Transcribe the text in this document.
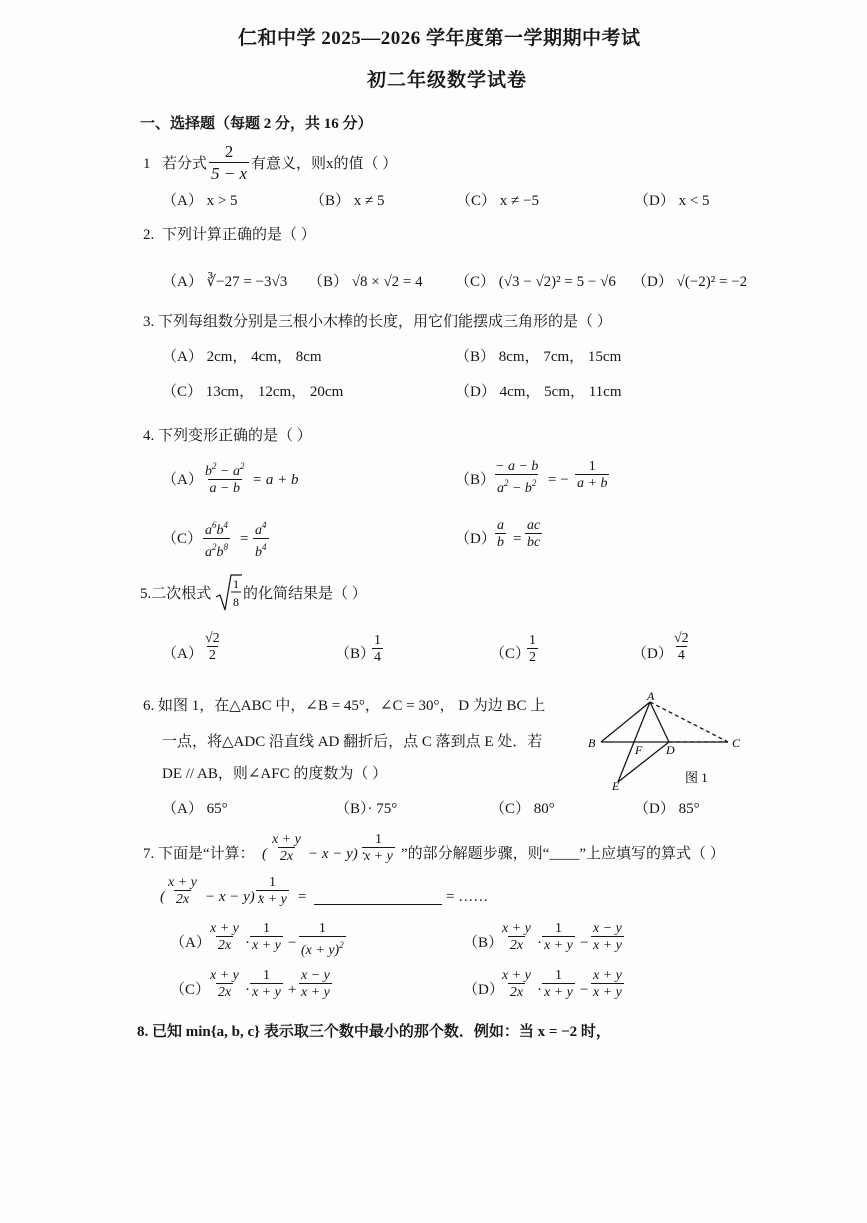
仁和中学 2025—2026 学年度第一学期期中考试
初二年级数学试卷
一、选择题（每题 2 分，共 16 分）
1 若分式 $\frac{2}{5 - x}$ 有意义，则x的值（ ）
（A） x > 5	（B） x ≠ 5	（C） x ≠ −5	（D） x < 5
2. 下列计算正确的是（ ）
（A） ∛−27 = −3√3 （B） √8 × √2 = 4 （C） (√3 − √2)² = 5 − √6 （D） √(−2)² = −2
3. 下列每组数分别是三根小木棒的长度，用它们能摆成三角形的是（ ）
（A） 2cm， 4cm， 8cm	（B） 8cm， 7cm， 15cm
（C） 13cm， 12cm， 20cm	（D） 4cm， 5cm， 11cm
4. 下列变形正确的是（ ）
$(A) \frac{b^2 - a^2}{a - b} = a + b$	（B）
$\frac{- a - b}{a^2 - b^2}$ = − $\frac{1}{a + b}$
$(C) \frac{a^6b^4}{a^2b^8} = \frac{a^4}{b^4}$	$(D) \frac{a}{b} = \frac{ac}{bc}$
5.二次根式
1
8 的化简结果是（ ）
$(A) \frac{√2}{2}$	（B）
$\frac{1}{4}$	（C）
$\frac{1}{2}$	$(D) \frac{√2}{4}$
6. 如图 1，在△ABC 中，∠B = 45°，∠C = 30°， D 为边 BC 上
一点，将△ADC 沿直线 AD 翻折后，点 C 落到点 E 处．若
DE // AB，则∠AFC 的度数为（ ）
（A） 65°	（B）· 75°	（C） 80°	（D） 85°
A
B	C
D
E
F
图 1
7. 下面是“计算： ( $\frac{x + y}{2x} - x - y$) ·
$\frac{1}{x + y}$ ”的部分解题步骤，则“____”上应填写的算式（ ）
( $\frac{x + y}{2x} - x - y$) ·
$\frac{1}{x + y}$ =	= ……
（A）
$\frac{x + y}{2x} \cdot \frac{1}{x + y} - \frac{1}{(x + y)^2}$	（B）
$\frac{x + y}{2x} \cdot \frac{1}{x + y} - \frac{x - y}{x + y}$
（C）
$\frac{x + y}{2x} \cdot \frac{1}{x + y} + \frac{x - y}{x + y}$	（D）
$\frac{x + y}{2x} \cdot \frac{1}{x + y} - \frac{x + y}{x + y}$
8. 已知 min{a, b, c} 表示取三个数中最小的那个数．例如：当 x = −2 时，
